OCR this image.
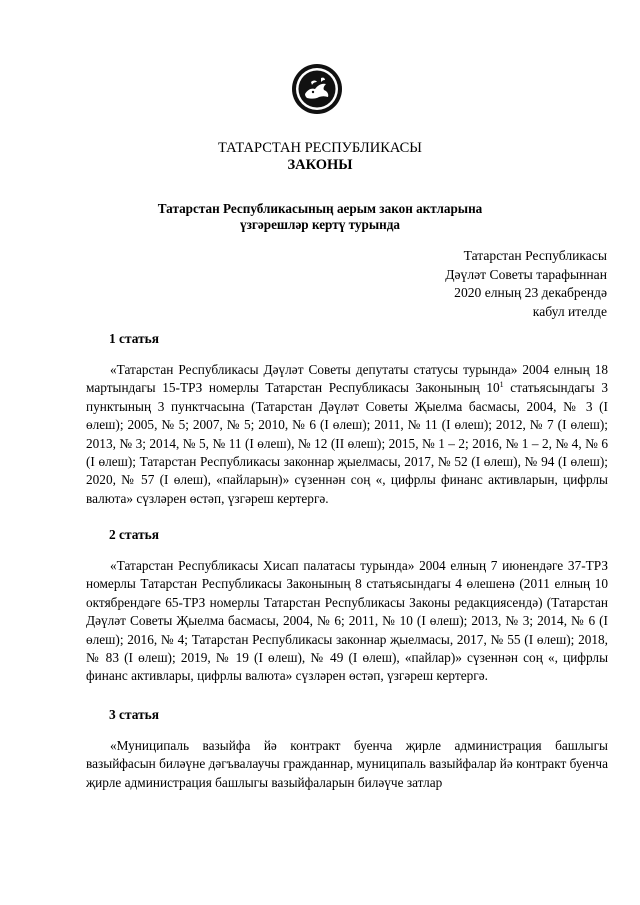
ТАТАРСТАН РЕСПУБЛИКАСЫ
ЗАКОНЫ
Татарстан Республикасының аерым закон актларына
үзгәрешләр кертү турында
Татарстан Республикасы
Дәүләт Советы тарафыннан
2020 елның 23 декабрендә
кабул ителде
1 статья

«Татарстан Республикасы Дәүләт Советы депутаты статусы турында» 2004 елның 18 мартындагы 15-ТРЗ номерлы Татарстан Республикасы Законының $10^1$ статьясындагы 3 пунктының 3 пунктчасына (Татарстан Дәүләт Советы Җыелма басмасы, 2004, № 3 (I өлеш); 2005, № 5; 2007, № 5; 2010, № 6 (I өлеш); 2011, № 11 (I өлеш); 2012, № 7 (I өлеш); 2013, № 3; 2014, № 5, № 11 (I өлеш), № 12 (II өлеш); 2015, № 1 – 2; 2016, № 1 – 2, № 4, № 6 (I өлеш); Татарстан Республикасы законнар җыелмасы, 2017, № 52 (I өлеш), № 94 (I өлеш); 2020, № 57 (I өлеш), «пайларын)» сүзеннән соң «, цифрлы финанс активларын, цифрлы валюта» сүзләрен өстәп, үзгәреш кертергә.

2 статья

«Татарстан Республикасы Хисап палатасы турында» 2004 елның 7 июнендәге 37-ТРЗ номерлы Татарстан Республикасы Законының 8 статьясындагы 4 өлешенә (2011 елның 10 октябрендәге 65-ТРЗ номерлы Татарстан Республикасы Законы редакциясендә) (Татарстан Дәүләт Советы Җыелма басмасы, 2004, № 6; 2011, № 10 (I өлеш); 2013, № 3; 2014, № 6 (I өлеш); 2016, № 4; Татарстан Республикасы законнар җыелмасы, 2017, № 55 (I өлеш); 2018, № 83 (I өлеш); 2019, № 19 (I өлеш), № 49 (I өлеш), «пайлар)» сүзеннән соң «, цифрлы финанс активлары, цифрлы валюта» сүзләрен өстәп, үзгәреш кертергә.

3 статья

«Муниципаль вазыйфа йә контракт буенча җирле администрация башлыгы вазыйфасын биләүне дәгъвалаучы гражданнар, муниципаль вазыйфалар йә контракт буенча җирле администрация башлыгы вазыйфаларын биләүче затлар
